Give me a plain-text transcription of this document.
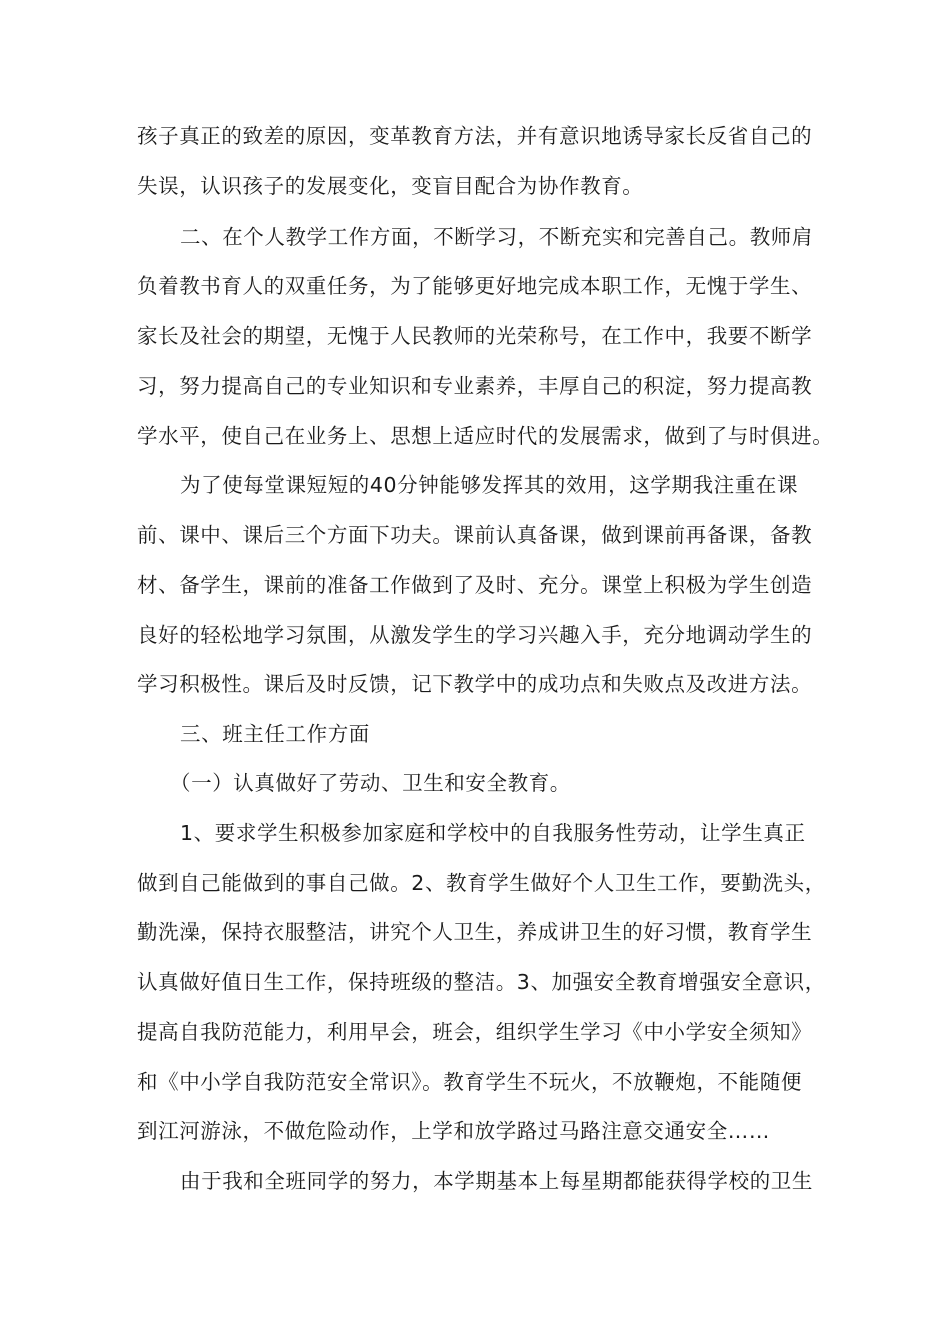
孩子真正的致差的原因，变革教育方法，并有意识地诱导家长反省自己的
失误，认识孩子的发展变化，变盲目配合为协作教育。
二、在个人教学工作方面，不断学习，不断充实和完善自己。教师肩
负着教书育人的双重任务，为了能够更好地完成本职工作，无愧于学生、
家长及社会的期望，无愧于人民教师的光荣称号，在工作中，我要不断学
习，努力提高自己的专业知识和专业素养，丰厚自己的积淀，努力提高教
学水平，使自己在业务上、思想上适应时代的发展需求，做到了与时俱进。
为了使每堂课短短的40分钟能够发挥其的效用，这学期我注重在课
前、课中、课后三个方面下功夫。课前认真备课，做到课前再备课，备教
材、备学生，课前的准备工作做到了及时、充分。课堂上积极为学生创造
良好的轻松地学习氛围，从激发学生的学习兴趣入手，充分地调动学生的
学习积极性。课后及时反馈，记下教学中的成功点和失败点及改进方法。
三、班主任工作方面
（一）认真做好了劳动、卫生和安全教育。
1、要求学生积极参加家庭和学校中的自我服务性劳动，让学生真正
做到自己能做到的事自己做。2、教育学生做好个人卫生工作，要勤洗头，
勤洗澡，保持衣服整洁，讲究个人卫生，养成讲卫生的好习惯，教育学生
认真做好值日生工作，保持班级的整洁。3、加强安全教育增强安全意识，
提高自我防范能力，利用早会，班会，组织学生学习《中小学安全须知》
和《中小学自我防范安全常识》。教育学生不玩火，不放鞭炮，不能随便
到江河游泳，不做危险动作，上学和放学路过马路注意交通安全……
由于我和全班同学的努力，本学期基本上每星期都能获得学校的卫生
